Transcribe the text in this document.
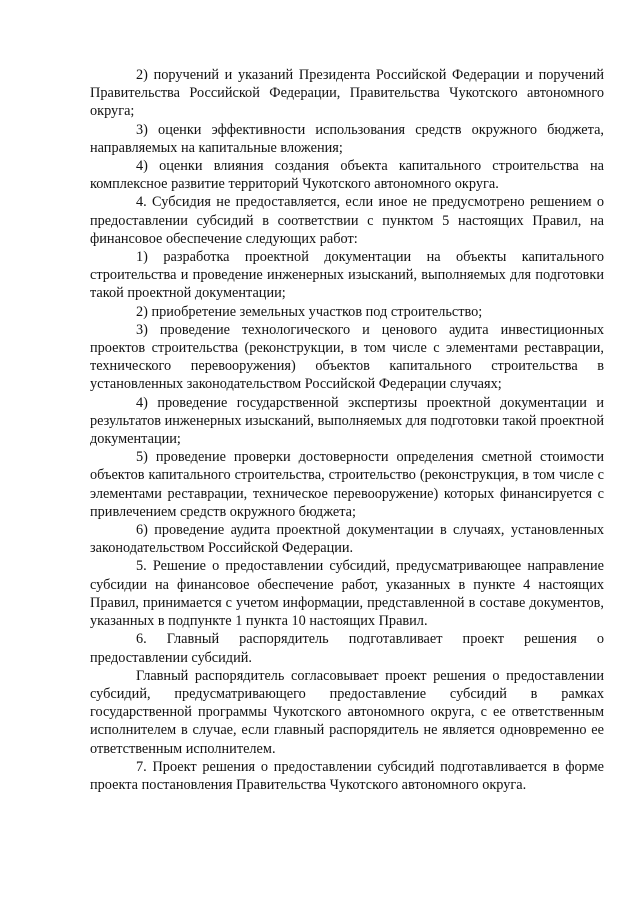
2) поручений и указаний Президента Российской Федерации и поручений Правительства Российской Федерации, Правительства Чукотского автономного округа;

3) оценки эффективности использования средств окружного бюджета, направляемых на капитальные вложения;

4) оценки влияния создания объекта капитального строительства на комплексное развитие территорий Чукотского автономного округа.

4. Субсидия не предоставляется, если иное не предусмотрено решением о предоставлении субсидий в соответствии с пунктом 5 настоящих Правил, на финансовое обеспечение следующих работ:

1) разработка проектной документации на объекты капитального строительства и проведение инженерных изысканий, выполняемых для подготовки такой проектной документации;

2) приобретение земельных участков под строительство;

3) проведение технологического и ценового аудита инвестиционных проектов строительства (реконструкции, в том числе с элементами реставрации, технического перевооружения) объектов капитального строительства в установленных законодательством Российской Федерации случаях;

4) проведение государственной экспертизы проектной документации и результатов инженерных изысканий, выполняемых для подготовки такой проектной документации;

5) проведение проверки достоверности определения сметной стоимости объектов капитального строительства, строительство (реконструкция, в том числе с элементами реставрации, техническое перевооружение) которых финансируется с привлечением средств окружного бюджета;

6) проведение аудита проектной документации в случаях, установленных законодательством Российской Федерации.

5. Решение о предоставлении субсидий, предусматривающее направление субсидии на финансовое обеспечение работ, указанных в пункте 4 настоящих Правил, принимается с учетом информации, представленной в составе документов, указанных в подпункте 1 пункта 10 настоящих Правил.

6. Главный распорядитель подготавливает проект решения о предоставлении субсидий.

Главный распорядитель согласовывает проект решения о предоставлении субсидий, предусматривающего предоставление субсидий в рамках государственной программы Чукотского автономного округа, с ее ответственным исполнителем в случае, если главный распорядитель не является одновременно ее ответственным исполнителем.

7. Проект решения о предоставлении субсидий подготавливается в форме проекта постановления Правительства Чукотского автономного округа.
